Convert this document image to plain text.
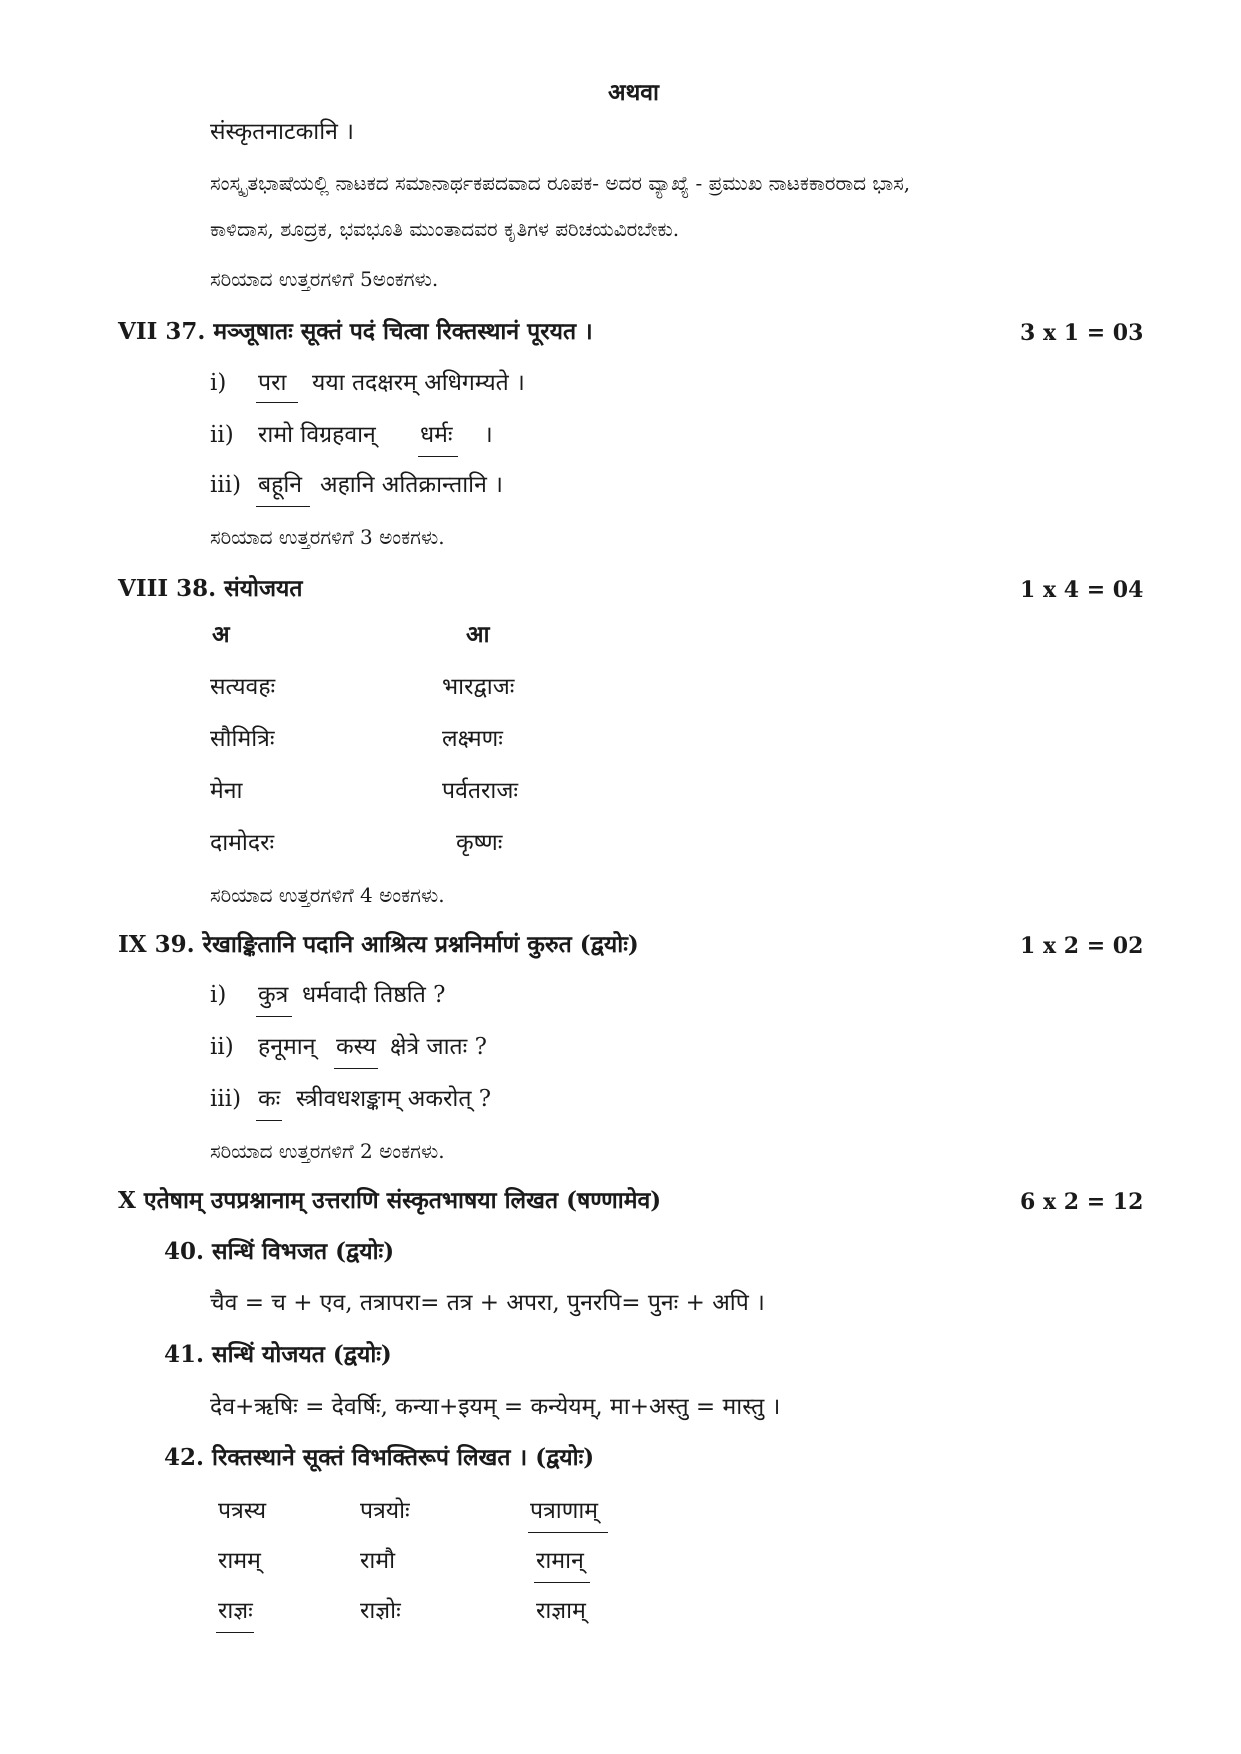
अथवा
संस्कृतनाटकानि ।
ಸಂಸ್ಕೃತಭಾಷೆಯಲ್ಲಿ ನಾಟಕದ ಸಮಾನಾರ್ಥಕಪದವಾದ ರೂಪಕ- ಅದರ ವ್ಯಾಖ್ಯೆ - ಪ್ರಮುಖ ನಾಟಕಕಾರರಾದ ಭಾಸ,
ಕಾಳಿದಾಸ, ಶೂದ್ರಕ, ಭವಭೂತಿ ಮುಂತಾದವರ ಕೃತಿಗಳ ಪರಿಚಯವಿರಬೇಕು.
ಸರಿಯಾದ ಉತ್ತರಗಳಿಗೆ 5ಅಂಕಗಳು.
VII 37. मञ्जूषातः सूक्तं पदं चित्वा रिक्तस्थानं पूरयत ।	3 x 1 = 03
i) परा यया तदक्षरम् अधिगम्यते ।
ii) रामो विग्रहवान् धर्मः ।
iii) बहूनि अहानि अतिक्रान्तानि ।
ಸರಿಯಾದ ಉತ್ತರಗಳಿಗೆ 3 ಅಂಕಗಳು.
VIII 38. संयोजयत	1 x 4 = 04
अ	आ
सत्यवहः	भारद्वाजः
सौमित्रिः	लक्ष्मणः
मेना	पर्वतराजः
दामोदरः	कृष्णः
ಸರಿಯಾದ ಉತ್ತರಗಳಿಗೆ 4 ಅಂಕಗಳು.
IX 39. रेखाङ्कितानि पदानि आश्रित्य प्रश्ननिर्माणं कुरुत (द्वयोः)	1 x 2 = 02
i) कुत्र धर्मवादी तिष्ठति ?
ii) हनूमान् कस्य क्षेत्रे जातः ?
iii) कः स्त्रीवधशङ्काम् अकरोत् ?
ಸರಿಯಾದ ಉತ್ತರಗಳಿಗೆ 2 ಅಂಕಗಳು.
X एतेषाम् उपप्रश्नानाम् उत्तराणि संस्कृतभाषया लिखत (षण्णामेव)	6 x 2 = 12
40. सन्धिं विभजत (द्वयोः)
चैव = च + एव, तत्रापरा= तत्र + अपरा, पुनरपि= पुनः + अपि ।
41. सन्धिं योजयत (द्वयोः)
देव+ऋषिः = देवर्षिः, कन्या+इयम् = कन्येयम्, मा+अस्तु = मास्तु ।
42. रिक्तस्थाने सूक्तं विभक्तिरूपं लिखत । (द्वयोः)
पत्रस्य	पत्रयोः	पत्राणाम्
रामम्	रामौ	रामान्
राज्ञः	राज्ञोः	राज्ञाम्
